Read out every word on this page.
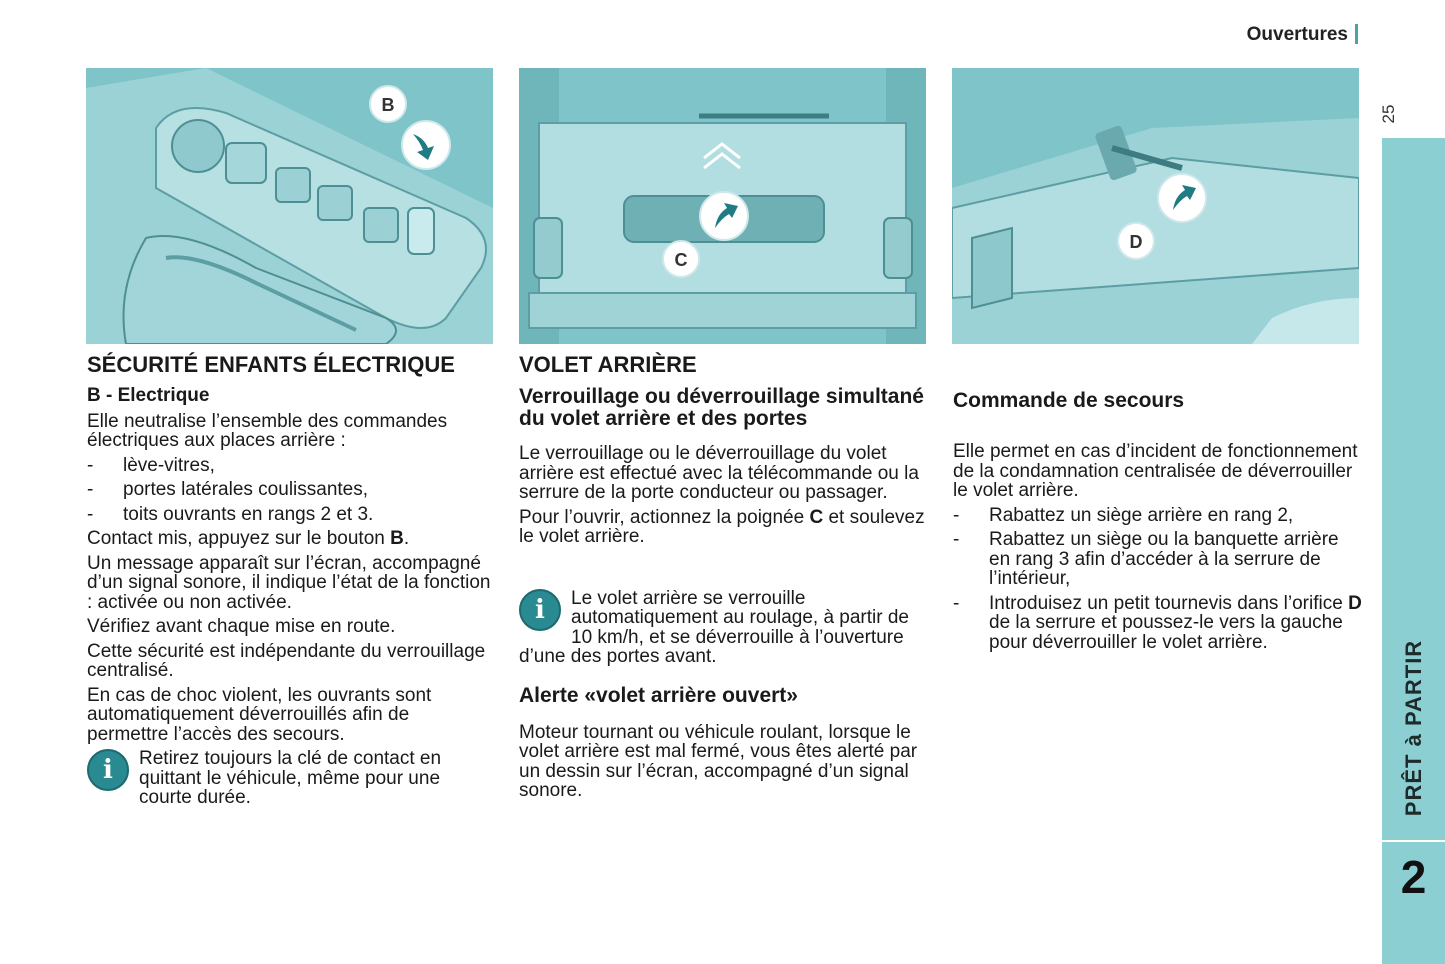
Ouvertures
25
PRÊT à PARTIR
2
B
C
D
SÉCURITÉ ENFANTS ÉLECTRIQUE
B - Electrique

Elle neutralise l’ensemble des commandes électriques aux places arrière :

- lève-vitres,
- portes latérales coulissantes,
- toits ouvrants en rangs 2 et 3.

Contact mis, appuyez sur le bouton B.

Un message apparaît sur l’écran, accompagné d’un signal sonore, il indique l’état de la fonction : activée ou non activée.

Vérifiez avant chaque mise en route.

Cette sécurité est indépendante du verrouillage centralisé.

En cas de choc violent, les ouvrants sont automatiquement déverrouillés afin de permettre l’accès des secours.

i	Retirez toujours la clé de contact en quittant le véhicule, même pour une courte durée.
VOLET ARRIÈRE
Verrouillage ou déverrouillage simultané du volet arrière et des portes

Le verrouillage ou le déverrouillage du volet arrière est effectué avec la télécommande ou la serrure de la porte conducteur ou passager.

Pour l’ouvrir, actionnez la poignée C et soulevez le volet arrière.

i	Le volet arrière se verrouille automatiquement au roulage, à partir de 10 km/h, et se déverrouille à l’ouverture d’une des portes avant.
Alerte «volet arrière ouvert»

Moteur tournant ou véhicule roulant, lorsque le volet arrière est mal fermé, vous êtes alerté par un dessin sur l’écran, accompagné d’un signal sonore.

Commande de secours

Elle permet en cas d’incident de fonctionnement de la condamnation centralisée de déverrouiller le volet arrière.

- Rabattez un siège arrière en rang 2,
- Rabattez un siège ou la banquette arrière en rang 3 afin d’accéder à la serrure de l’intérieur,
- Introduisez un petit tournevis dans l’orifice D de la serrure et poussez-le vers la gauche pour déverrouiller le volet arrière.
